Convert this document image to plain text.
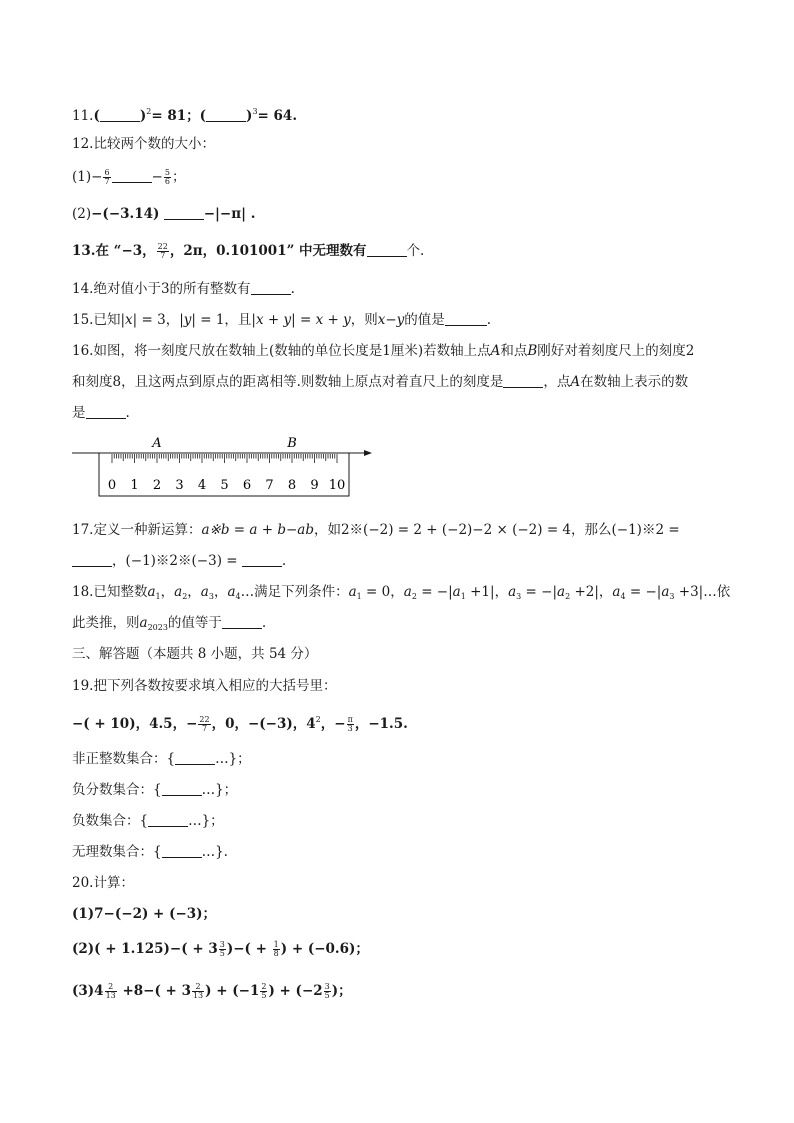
11.(	)$^2$= 81；(	)$^3$= 64.
12.比较两个数的大小：
$(1)- \frac{6}{7}$	− $\frac{5}{6}$ ；
(2)−(−3.14)	−|−π| .
13.在 “−3， $\frac{22}{7}$ ，2π，0.101001” 中无理数有	个.
14.绝对值小于3的所有整数有	.
15.已知|x| = 3，|y| = 1，且|x + y| = x + y，则x−y的值是	.
16.如图，将一刻度尺放在数轴上(数轴的单位长度是1厘米)若数轴上点A和点B刚好对着刻度尺上的刻度2
和刻度8，且这两点到原点的距离相等.则数轴上原点对着直尺上的刻度是	，点A在数轴上表示的数
是	.
A	B
0 1 2 3 4 5 6 7 8 9 10
17.定义一种新运算：a※b = a + b−ab，如2※(−2) = 2 + (−2)−2 × (−2) = 4，那么(−1)※2 =
，(−1)※2※(−3) =	.
18.已知整数$a_1$，$a_2$，$a_3$，$a_4\dots$满足下列条件：$a_1 = 0$，$a_2 = -|a_1 +1|$，$a_3 = -|a_2 +2|$，$a_4 = -|a_3$ +3|…依
此类推，则$a_{2023}$的值等于	.
三、解答题（本题共 8 小题，共 54 分）
19.把下列各数按要求填入相应的大括号里：
−( + 10)，4.5，− $\frac{22}{7}$ ，0，−(−3)，$4^2$，− $\frac{\pi}{3}$ ，−1.5.
非正整数集合：{	…}；
负分数集合：{	…}；
负数集合：{	…}；
无理数集合：{	…}.
20.计算：
(1)7−(−2) + (−3)；
$(2)( + 1.125)-( + 3 \frac{3}{5}$ )−( + $\frac{1}{8}$ ) + (−0.6)；
$(3)4 \frac{2}{13} +8-( + 3 \frac{2}{13}$ ) + ($-1 \frac{2}{5}$ ) + ($-2 \frac{3}{5}$ )；
